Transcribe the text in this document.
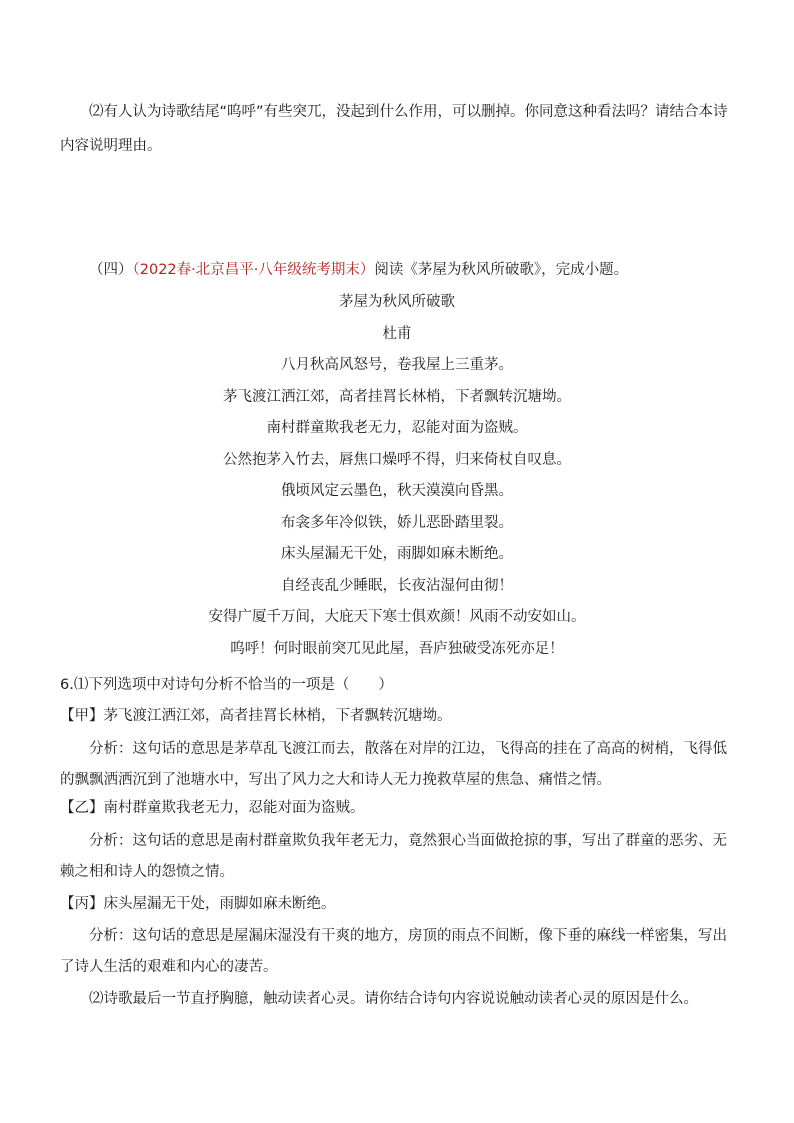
⑵有人认为诗歌结尾“呜呼”有些突兀，没起到什么作用，可以删掉。你同意这种看法吗？请结合本诗内容说明理由。

（四）（2022春·北京昌平·八年级统考期末）阅读《茅屋为秋风所破歌》，完成小题。
茅屋为秋风所破歌
杜甫
八月秋高风怒号，卷我屋上三重茅。
茅飞渡江洒江郊，高者挂罥长林梢，下者飘转沉塘坳。
南村群童欺我老无力，忍能对面为盗贼。
公然抱茅入竹去，唇焦口燥呼不得，归来倚杖自叹息。
俄顷风定云墨色，秋天漠漠向昏黑。
布衾多年冷似铁，娇儿恶卧踏里裂。
床头屋漏无干处，雨脚如麻未断绝。
自经丧乱少睡眠，长夜沾湿何由彻！
安得广厦千万间，大庇天下寒士俱欢颜！风雨不动安如山。
呜呼！何时眼前突兀见此屋，吾庐独破受冻死亦足！
6.⑴下列选项中对诗句分析不恰当的一项是（　　）
【甲】茅飞渡江洒江郊，高者挂罥长林梢，下者飘转沉塘坳。

分析：这句话的意思是茅草乱飞渡江而去，散落在对岸的江边，飞得高的挂在了高高的树梢，飞得低的飘飘洒洒沉到了池塘水中，写出了风力之大和诗人无力挽救草屋的焦急、痛惜之情。

【乙】南村群童欺我老无力，忍能对面为盗贼。

分析：这句话的意思是南村群童欺负我年老无力，竟然狠心当面做抢掠的事，写出了群童的恶劣、无赖之相和诗人的怨愤之情。

【丙】床头屋漏无干处，雨脚如麻未断绝。

分析：这句话的意思是屋漏床湿没有干爽的地方，房顶的雨点不间断，像下垂的麻线一样密集，写出了诗人生活的艰难和内心的凄苦。

⑵诗歌最后一节直抒胸臆，触动读者心灵。请你结合诗句内容说说触动读者心灵的原因是什么。
